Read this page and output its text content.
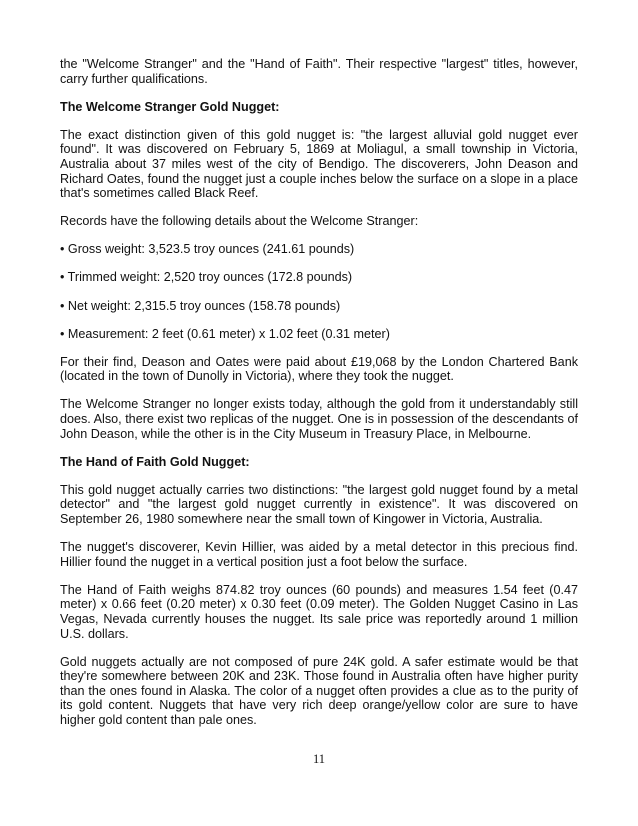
the "Welcome Stranger" and the "Hand of Faith". Their respective "largest" titles, however, carry further qualifications.

The Welcome Stranger Gold Nugget:

The exact distinction given of this gold nugget is: "the largest alluvial gold nugget ever found". It was discovered on February 5, 1869 at Moliagul, a small township in Victoria, Australia about 37 miles west of the city of Bendigo. The discoverers, John Deason and Richard Oates, found the nugget just a couple inches below the surface on a slope in a place that's sometimes called Black Reef.

Records have the following details about the Welcome Stranger:

• Gross weight: 3,523.5 troy ounces (241.61 pounds)

• Trimmed weight: 2,520 troy ounces (172.8 pounds)

• Net weight: 2,315.5 troy ounces (158.78 pounds)

• Measurement: 2 feet (0.61 meter) x 1.02 feet (0.31 meter)

For their find, Deason and Oates were paid about £19,068 by the London Chartered Bank (located in the town of Dunolly in Victoria), where they took the nugget.

The Welcome Stranger no longer exists today, although the gold from it understandably still does. Also, there exist two replicas of the nugget. One is in possession of the descendants of John Deason, while the other is in the City Museum in Treasury Place, in Melbourne.

The Hand of Faith Gold Nugget:

This gold nugget actually carries two distinctions: "the largest gold nugget found by a metal detector" and "the largest gold nugget currently in existence". It was discovered on September 26, 1980 somewhere near the small town of Kingower in Victoria, Australia.

The nugget's discoverer, Kevin Hillier, was aided by a metal detector in this precious find. Hillier found the nugget in a vertical position just a foot below the surface.

The Hand of Faith weighs 874.82 troy ounces (60 pounds) and measures 1.54 feet (0.47 meter) x 0.66 feet (0.20 meter) x 0.30 feet (0.09 meter). The Golden Nugget Casino in Las Vegas, Nevada currently houses the nugget. Its sale price was reportedly around 1 million U.S. dollars.

Gold nuggets actually are not composed of pure 24K gold. A safer estimate would be that they're somewhere between 20K and 23K. Those found in Australia often have higher purity than the ones found in Alaska. The color of a nugget often provides a clue as to the purity of its gold content. Nuggets that have very rich deep orange/yellow color are sure to have higher gold content than pale ones.

11
